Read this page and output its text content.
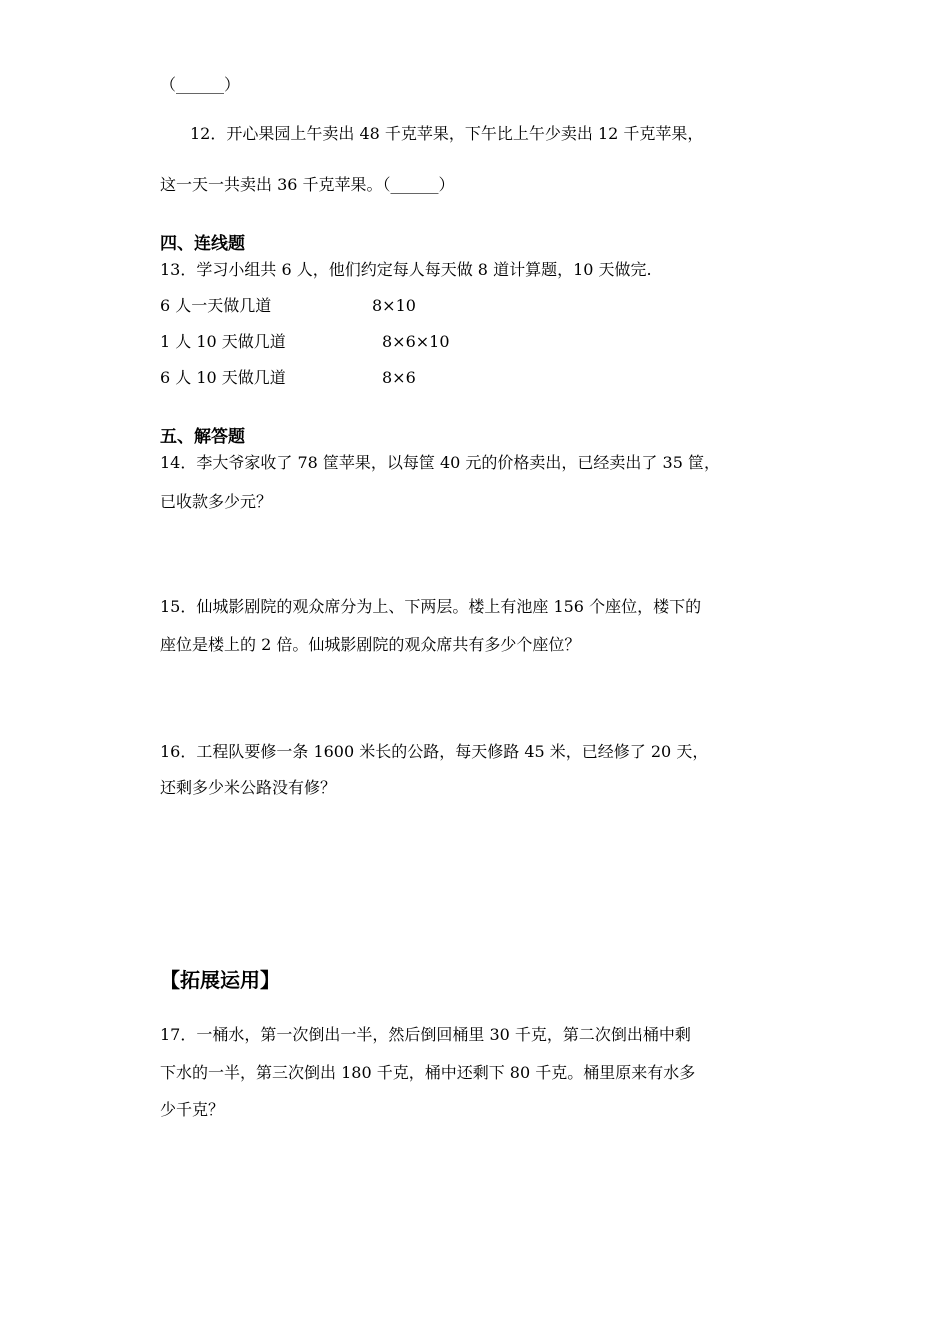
（______）
12．开心果园上午卖出 48 千克苹果，下午比上午少卖出 12 千克苹果，
这一天一共卖出 36 千克苹果。（______）
四、连线题
13．学习小组共 6 人，他们约定每人每天做 8 道计算题，10 天做完.
6 人一天做几道	8×10
1 人 10 天做几道	8×6×10
6 人 10 天做几道	8×6
五、解答题
14．李大爷家收了 78 筐苹果，以每筐 40 元的价格卖出，已经卖出了 35 筐，
已收款多少元？
15．仙城影剧院的观众席分为上、下两层。楼上有池座 156 个座位，楼下的
座位是楼上的 2 倍。仙城影剧院的观众席共有多少个座位？
16．工程队要修一条 1600 米长的公路，每天修路 45 米，已经修了 20 天，
还剩多少米公路没有修？
【拓展运用】
17．一桶水，第一次倒出一半，然后倒回桶里 30 千克，第二次倒出桶中剩
下水的一半，第三次倒出 180 千克，桶中还剩下 80 千克。桶里原来有水多
少千克？
